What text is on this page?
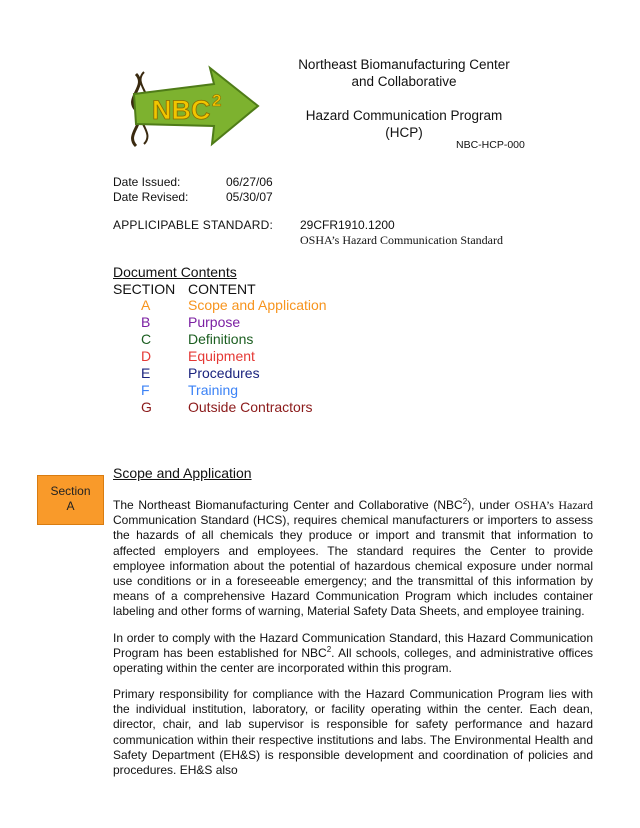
NBC 2
Northeast Biomanufacturing Center
and Collaborative
Hazard Communication Program
(HCP)
NBC-HCP-000
Date Issued:	06/27/06
Date Revised:	05/30/07
APPLICIPABLE STANDARD: 29CFR1910.1200
OSHA’s Hazard Communication Standard
Document Contents
SECTION CONTENT
A	Scope and Application
B	Purpose
C	Definitions
D	Equipment
E	Procedures
F	Training
G	Outside Contractors
Section
A
Scope and Application

The Northeast Biomanufacturing Center and Collaborative (NBC$^2$), under OSHA’s Hazard Communication Standard (HCS), requires chemical manufacturers or importers to assess the hazards of all chemicals they produce or import and transmit that information to affected employers and employees. The standard requires the Center to provide employee information about the potential of hazardous chemical exposure under normal use conditions or in a foreseeable emergency; and the transmittal of this information by means of a comprehensive Hazard Communication Program which includes container labeling and other forms of warning, Material Safety Data Sheets, and employee training.

In order to comply with the Hazard Communication Standard, this Hazard Communication Program has been established for NBC$^2$. All schools, colleges, and administrative offices operating within the center are incorporated within this program.

Primary responsibility for compliance with the Hazard Communication Program lies with the individual institution, laboratory, or facility operating within the center. Each dean, director, chair, and lab supervisor is responsible for safety performance and hazard communication within their respective institutions and labs. The Environmental Health and Safety Department (EH&S) is responsible development and coordination of policies and procedures. EH&S also
